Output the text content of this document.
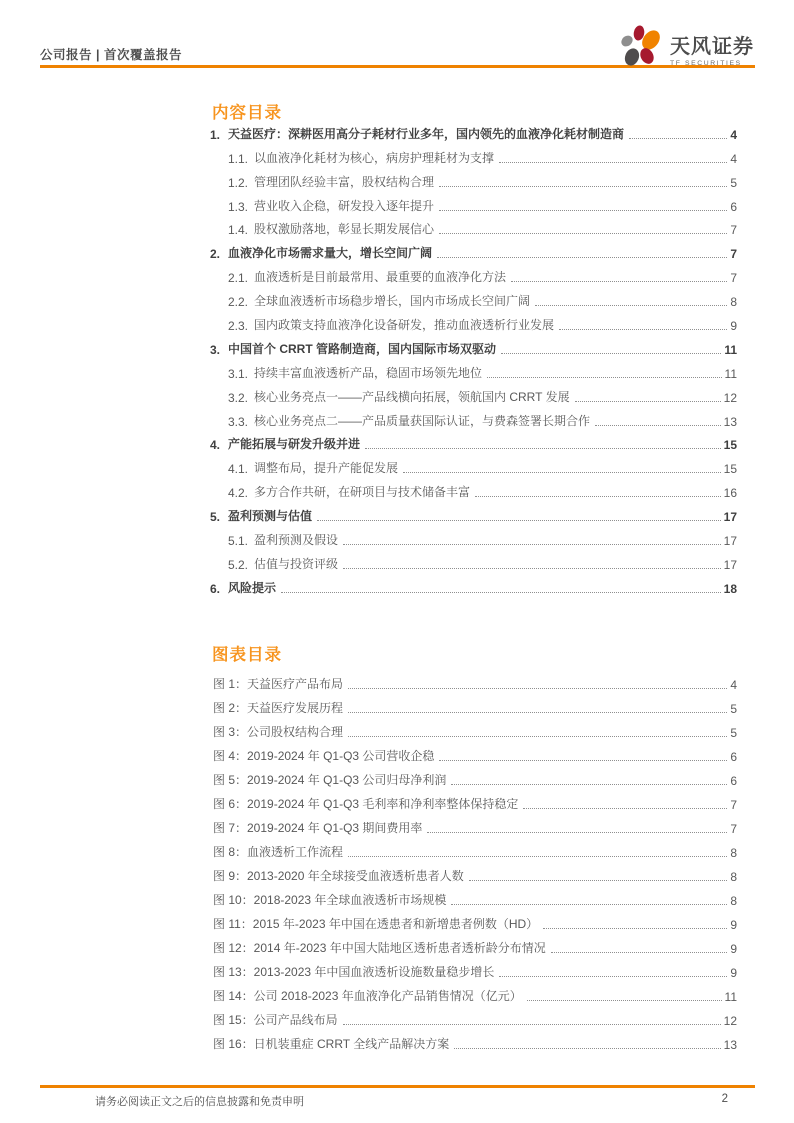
公司报告 | 首次覆盖报告	天风证券
TF SECURITIES
内容目录
1. 天益医疗：深耕医用高分子耗材行业多年，国内领先的血液净化耗材制造商	4
1.1. 以血液净化耗材为核心，病房护理耗材为支撑	4
1.2. 管理团队经验丰富，股权结构合理	5
1.3. 营业收入企稳，研发投入逐年提升	6
1.4. 股权激励落地，彰显长期发展信心	7
2. 血液净化市场需求量大，增长空间广阔	7
2.1. 血液透析是目前最常用、最重要的血液净化方法	7
2.2. 全球血液透析市场稳步增长，国内市场成长空间广阔	8
2.3. 国内政策支持血液净化设备研发，推动血液透析行业发展	9
3. 中国首个 CRRT 管路制造商，国内国际市场双驱动	11
3.1. 持续丰富血液透析产品，稳固市场领先地位	11
3.2. 核心业务亮点一——产品线横向拓展，领航国内 CRRT 发展	12
3.3. 核心业务亮点二——产品质量获国际认证，与费森签署长期合作	13
4. 产能拓展与研发升级并进	15
4.1. 调整布局，提升产能促发展	15
4.2. 多方合作共研，在研项目与技术储备丰富	16
5. 盈利预测与估值	17
5.1. 盈利预测及假设	17
5.2. 估值与投资评级	17
6. 风险提示	18
图表目录
图 1：天益医疗产品布局	4
图 2：天益医疗发展历程	5
图 3：公司股权结构合理	5
图 4：2019-2024 年 Q1-Q3 公司营收企稳	6
图 5：2019-2024 年 Q1-Q3 公司归母净利润	6
图 6：2019-2024 年 Q1-Q3 毛利率和净利率整体保持稳定	7
图 7：2019-2024 年 Q1-Q3 期间费用率	7
图 8：血液透析工作流程	8
图 9：2013-2020 年全球接受血液透析患者人数	8
图 10：2018-2023 年全球血液透析市场规模	8
图 11：2015 年-2023 年中国在透患者和新增患者例数（HD）	9
图 12：2014 年-2023 年中国大陆地区透析患者透析龄分布情况	9
图 13：2013-2023 年中国血液透析设施数量稳步增长	9
图 14：公司 2018-2023 年血液净化产品销售情况（亿元）	11
图 15：公司产品线布局	12
图 16：日机装重症 CRRT 全线产品解决方案	13
请务必阅读正文之后的信息披露和免责申明	2
